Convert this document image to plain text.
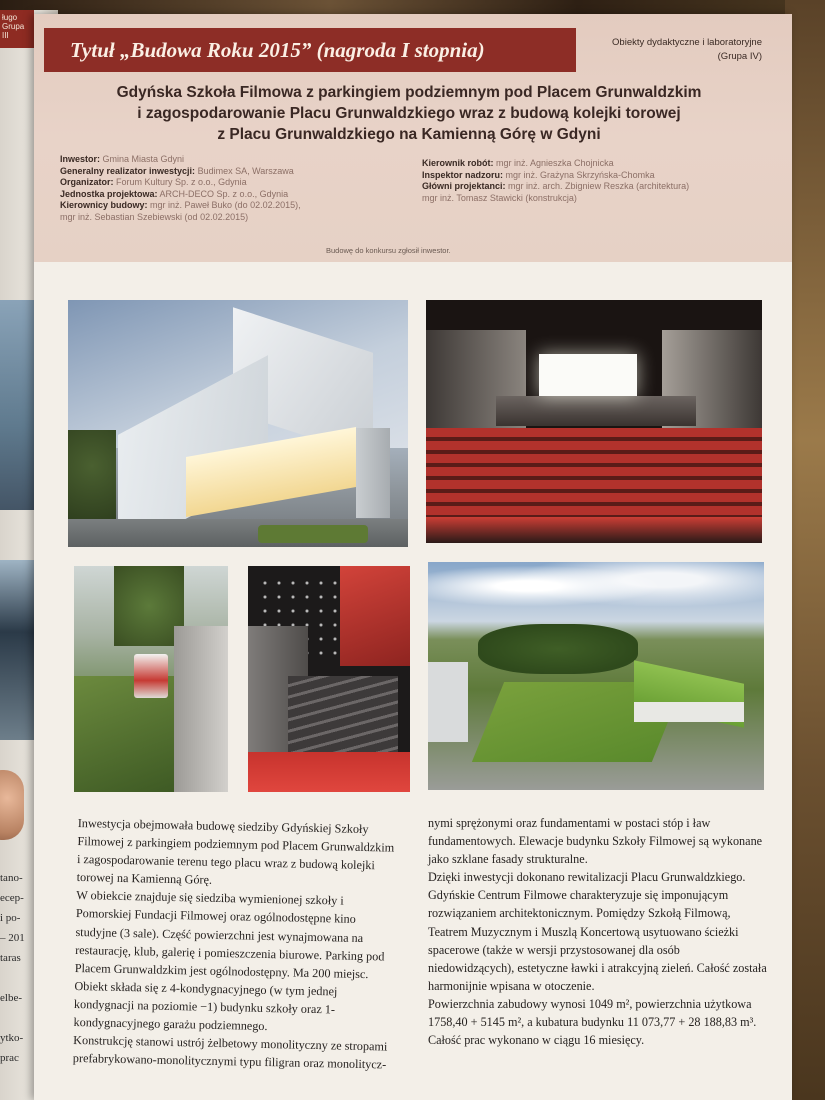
ługo
Grupa III
tano-
ecep-
i po-
– 201
taras

elbe-

ytko-
prac
Tytuł „Budowa Roku 2015” (nagroda I stopnia)	Obiekty dydaktyczne i laboratoryjne
(Grupa IV)
Gdyńska Szkoła Filmowa z parkingiem podziemnym pod Placem Grunwaldzkim
i zagospodarowanie Placu Grunwaldzkiego wraz z budową kolejki torowej
z Placu Grunwaldzkiego na Kamienną Górę w Gdyni
Inwestor: Gmina Miasta Gdyni
Generalny realizator inwestycji: Budimex SA, Warszawa
Organizator: Forum Kultury Sp. z o.o., Gdynia
Jednostka projektowa: ARCH-DECO Sp. z o.o., Gdynia
Kierownicy budowy: mgr inż. Paweł Buko (do 02.02.2015),
mgr inż. Sebastian Szebiewski (od 02.02.2015)
Kierownik robót: mgr inż. Agnieszka Chojnicka
Inspektor nadzoru: mgr inż. Grażyna Skrzyńska-Chomka
Główni projektanci: mgr inż. arch. Zbigniew Reszka (architektura)
mgr inż. Tomasz Stawicki (konstrukcja)
Budowę do konkursu zgłosił inwestor.

Inwestycja obejmowała budowę siedziby Gdyńskiej Szkoły Filmowej z parkingiem podziemnym pod Placem Grunwaldzkim i zagospodarowanie terenu tego placu wraz z budową kolejki torowej na Kamienną Górę.

W obiekcie znajduje się siedziba wymienionej szkoły i Pomorskiej Fundacji Filmowej oraz ogólnodostępne kino studyjne (3 sale). Część powierzchni jest wynajmowana na restaurację, klub, galerię i pomieszczenia biurowe. Parking pod Placem Grunwaldzkim jest ogólnodostępny. Ma 200 miejsc. Obiekt składa się z 4-kondygnacyjnego (w tym jednej kondygnacji na poziomie −1) budynku szkoły oraz 1-kondygnacyjnego garażu podziemnego.

Konstrukcję stanowi ustrój żelbetowy monolityczny ze stropami prefabrykowano-monolitycznymi typu filigran oraz monolitycz-

nymi sprężonymi oraz fundamentami w postaci stóp i ław fundamentowych. Elewacje budynku Szkoły Filmowej są wykonane jako szklane fasady strukturalne.

Dzięki inwestycji dokonano rewitalizacji Placu Grunwaldzkiego. Gdyńskie Centrum Filmowe charakteryzuje się imponującym rozwiązaniem architektonicznym. Pomiędzy Szkołą Filmową, Teatrem Muzycznym i Muszlą Koncertową usytuowano ścieżki spacerowe (także w wersji przystosowanej dla osób niedowidzących), estetyczne ławki i atrakcyjną zieleń. Całość została harmonijnie wpisana w otoczenie.

Powierzchnia zabudowy wynosi 1049 m², powierzchnia użytkowa 1758,40 + 5145 m², a kubatura budynku 11 073,77 + 28 188,83 m³. Całość prac wykonano w ciągu 16 miesięcy.
